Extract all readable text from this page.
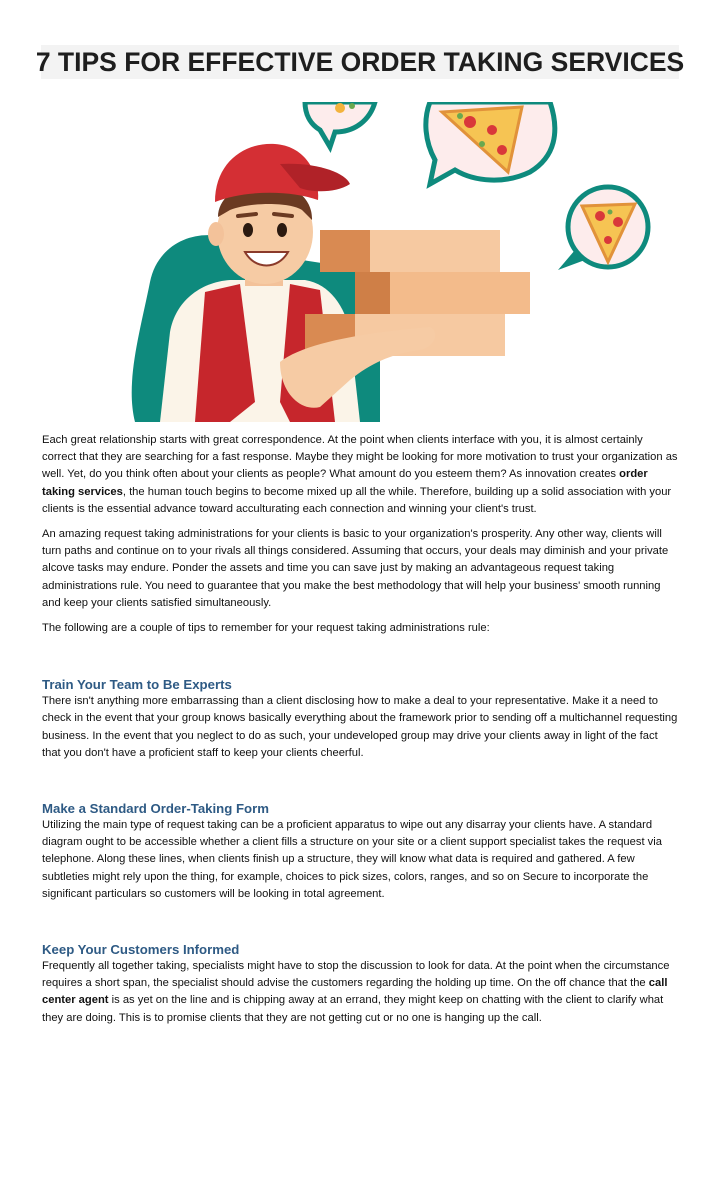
7 TIPS FOR EFFECTIVE ORDER TAKING SERVICES

Each great relationship starts with great correspondence. At the point when clients interface with you, it is almost certainly correct that they are searching for a fast response. Maybe they might be looking for more motivation to trust your organization as well. Yet, do you think often about your clients as people? What amount do you esteem them? As innovation creates order taking services, the human touch begins to become mixed up all the while. Therefore, building up a solid association with your clients is the essential advance toward acculturating each connection and winning your client's trust.

An amazing request taking administrations for your clients is basic to your organization's prosperity. Any other way, clients will turn paths and continue on to your rivals all things considered. Assuming that occurs, your deals may diminish and your private alcove tasks may endure. Ponder the assets and time you can save just by making an advantageous request taking administrations rule. You need to guarantee that you make the best methodology that will help your business' smooth running and keep your clients satisfied simultaneously.

The following are a couple of tips to remember for your request taking administrations rule:

Train Your Team to Be Experts

There isn't anything more embarrassing than a client disclosing how to make a deal to your representative. Make it a need to check in the event that your group knows basically everything about the framework prior to sending off a multichannel requesting business. In the event that you neglect to do as such, your undeveloped group may drive your clients away in light of the fact that you don't have a proficient staff to keep your clients cheerful.

Make a Standard Order-Taking Form

Utilizing the main type of request taking can be a proficient apparatus to wipe out any disarray your clients have. A standard diagram ought to be accessible whether a client fills a structure on your site or a client support specialist takes the request via telephone. Along these lines, when clients finish up a structure, they will know what data is required and gathered. A few subtleties might rely upon the thing, for example, choices to pick sizes, colors, ranges, and so on Secure to incorporate the significant particulars so customers will be looking in total agreement.

Keep Your Customers Informed

Frequently all together taking, specialists might have to stop the discussion to look for data. At the point when the circumstance requires a short span, the specialist should advise the customers regarding the holding up time. On the off chance that the call center agent is as yet on the line and is chipping away at an errand, they might keep on chatting with the client to clarify what they are doing. This is to promise clients that they are not getting cut or no one is hanging up the call.
